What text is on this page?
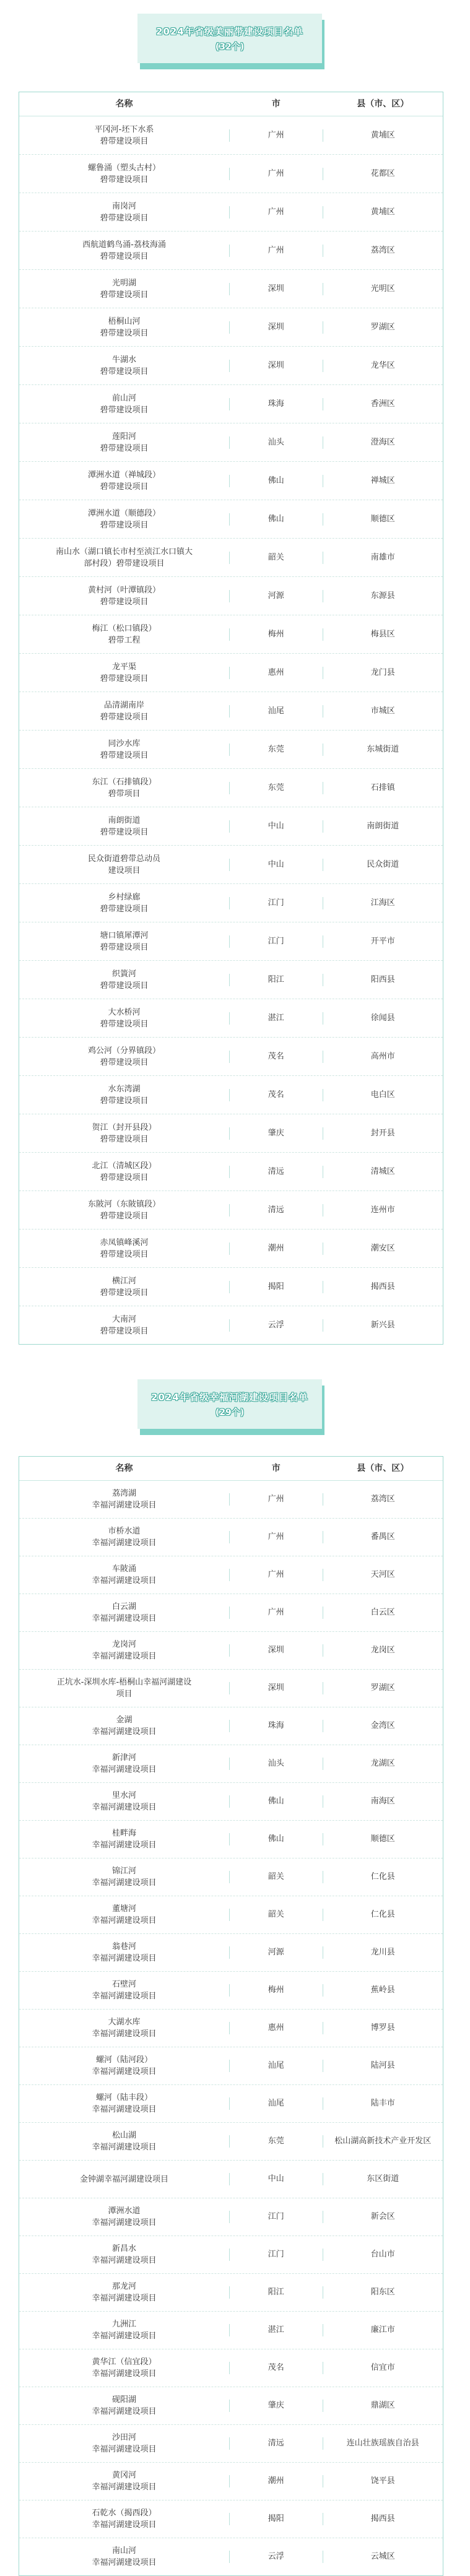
2024年省级美丽带建设项目名单
(32个)
名称	市	县（市、区）
平冈河-坯下水系
碧带建设项目
广州	黄埔区
螺鲁涌（塑头古村）
碧带建设项目
广州	花都区
南岗河
碧带建设项目
广州	黄埔区
西航道鹤鸟涌-荔枝海涌
碧带建设项目
广州	荔湾区
光明湖
碧带建设项目
深圳	光明区
梧桐山河
碧带建设项目
深圳	罗湖区
牛湖水
碧带建设项目
深圳	龙华区
前山河
碧带建设项目
珠海	香洲区
莲阳河
碧带建设项目
汕头	澄海区
潭洲水道（禅城段）
碧带建设项目
佛山	禅城区
潭洲水道（顺德段）
碧带建设项目
佛山	顺德区
南山水（湖口镇长市村至浈江水口镇大
部村段）碧带建设项目
韶关	南雄市
黄村河（叶潭镇段）
碧带建设项目
河源	东源县
梅江（松口镇段）
碧带工程
梅州	梅县区
龙平渠
碧带建设项目
惠州	龙门县
品清湖南岸
碧带建设项目
汕尾	市城区
同沙水库
碧带建设项目
东莞	东城街道
东江（石排镇段）
碧带项目
东莞	石排镇
南朗街道
碧带建设项目
中山	南朗街道
民众街道碧带总动员
建设项目
中山	民众街道
乡村绿廊
碧带建设项目
江门	江海区
塘口镇犀潭河
碧带建设项目
江门	开平市
织篢河
碧带建设项目
阳江	阳西县
大水桥河
碧带建设项目
湛江	徐闻县
鸡公河（分界镇段）
碧带建设项目
茂名	高州市
水东湾湖
碧带建设项目
茂名	电白区
贺江（封开县段）
碧带建设项目
肇庆	封开县
北江（清城区段）
碧带建设项目
清远	清城区
东陂河（东陂镇段）
碧带建设项目
清远	连州市
赤凤镇峰溪河
碧带建设项目
潮州	潮安区
横江河
碧带建设项目
揭阳	揭西县
大南河
碧带建设项目
云浮	新兴县
2024年省级幸福河湖建设项目名单
(29个)
名称	市	县（市、区）
荔湾湖
幸福河湖建设项目
广州	荔湾区
市桥水道
幸福河湖建设项目
广州	番禺区
车陂涌
幸福河湖建设项目
广州	天河区
白云湖
幸福河湖建设项目
广州	白云区
龙岗河
幸福河湖建设项目
深圳	龙岗区
正坑水-深圳水库-梧桐山幸福河湖建设
项目
深圳	罗湖区
金湖
幸福河湖建设项目
珠海	金湾区
新津河
幸福河湖建设项目
汕头	龙湖区
里水河
幸福河湖建设项目
佛山	南海区
桂畔海
幸福河湖建设项目
佛山	顺德区
锦江河
幸福河湖建设项目
韶关	仁化县
董塘河
幸福河湖建设项目
韶关	仁化县
翁巷河
幸福河湖建设项目
河源	龙川县
石壁河
幸福河湖建设项目
梅州	蕉岭县
大湖水库
幸福河湖建设项目
惠州	博罗县
螺河（陆河段）
幸福河湖建设项目
汕尾	陆河县
螺河（陆丰段）
幸福河湖建设项目
汕尾	陆丰市
松山湖
幸福河湖建设项目
东莞	松山湖高新技术产业开发区
金钟湖幸福河湖建设项目	中山	东区街道
潭洲水道
幸福河湖建设项目
江门	新会区
新昌水
幸福河湖建设项目
江门	台山市
那龙河
幸福河湖建设项目
阳江	阳东区
九洲江
幸福河湖建设项目
湛江	廉江市
黄华江（信宜段）
幸福河湖建设项目
茂名	信宜市
砚阳湖
幸福河湖建设项目
肇庆	鼎湖区
沙田河
幸福河湖建设项目
清远	连山壮族瑶族自治县
黄冈河
幸福河湖建设项目
潮州	饶平县
石乾水（揭西段）
幸福河湖建设项目
揭阳	揭西县
南山河
幸福河湖建设项目
云浮	云城区
